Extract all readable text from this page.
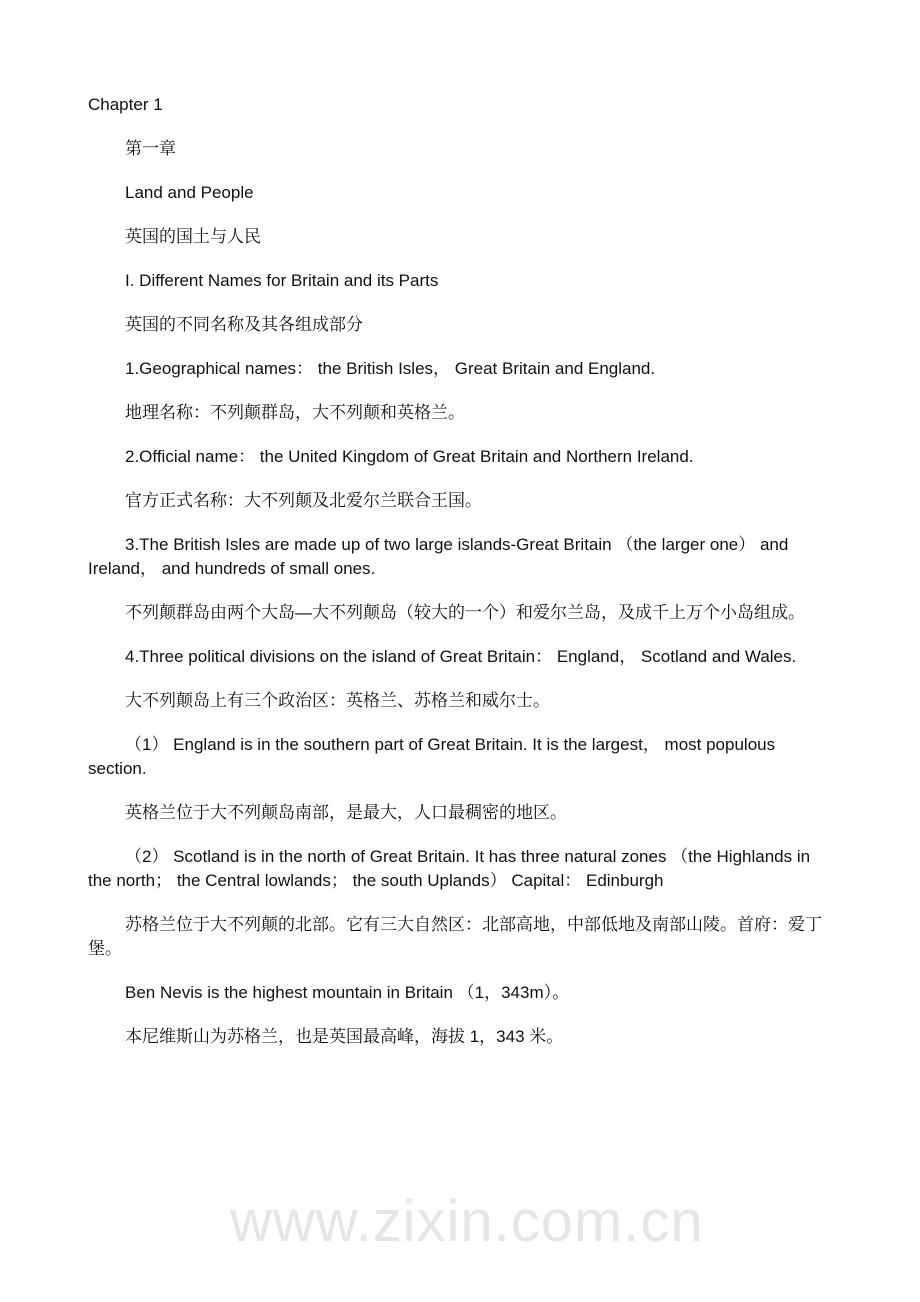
Chapter 1

第一章

Land and People

英国的国土与人民

I. Different Names for Britain and its Parts

英国的不同名称及其各组成部分

1.Geographical names： the British Isles， Great Britain and England.

地理名称：不列颠群岛，大不列颠和英格兰。

2.Official name： the United Kingdom of Great Britain and Northern Ireland.

官方正式名称：大不列颠及北爱尔兰联合王国。

3.The British Isles are made up of two large islands-Great Britain （the larger one） and Ireland， and hundreds of small ones.

不列颠群岛由两个大岛—大不列颠岛（较大的一个）和爱尔兰岛，及成千上万个小岛组成。

4.Three political divisions on the island of Great Britain： England， Scotland and Wales.

大不列颠岛上有三个政治区：英格兰、苏格兰和威尔士。

（1） England is in the southern part of Great Britain. It is the largest， most populous section.

英格兰位于大不列颠岛南部，是最大，人口最稠密的地区。

（2） Scotland is in the north of Great Britain. It has three natural zones （the Highlands in the north； the Central lowlands； the south Uplands） Capital： Edinburgh

苏格兰位于大不列颠的北部。它有三大自然区：北部高地，中部低地及南部山陵。首府：爱丁堡。

Ben Nevis is the highest mountain in Britain （1，343m）。

本尼维斯山为苏格兰，也是英国最高峰，海拔 1，343 米。

www.zixin.com.cn
